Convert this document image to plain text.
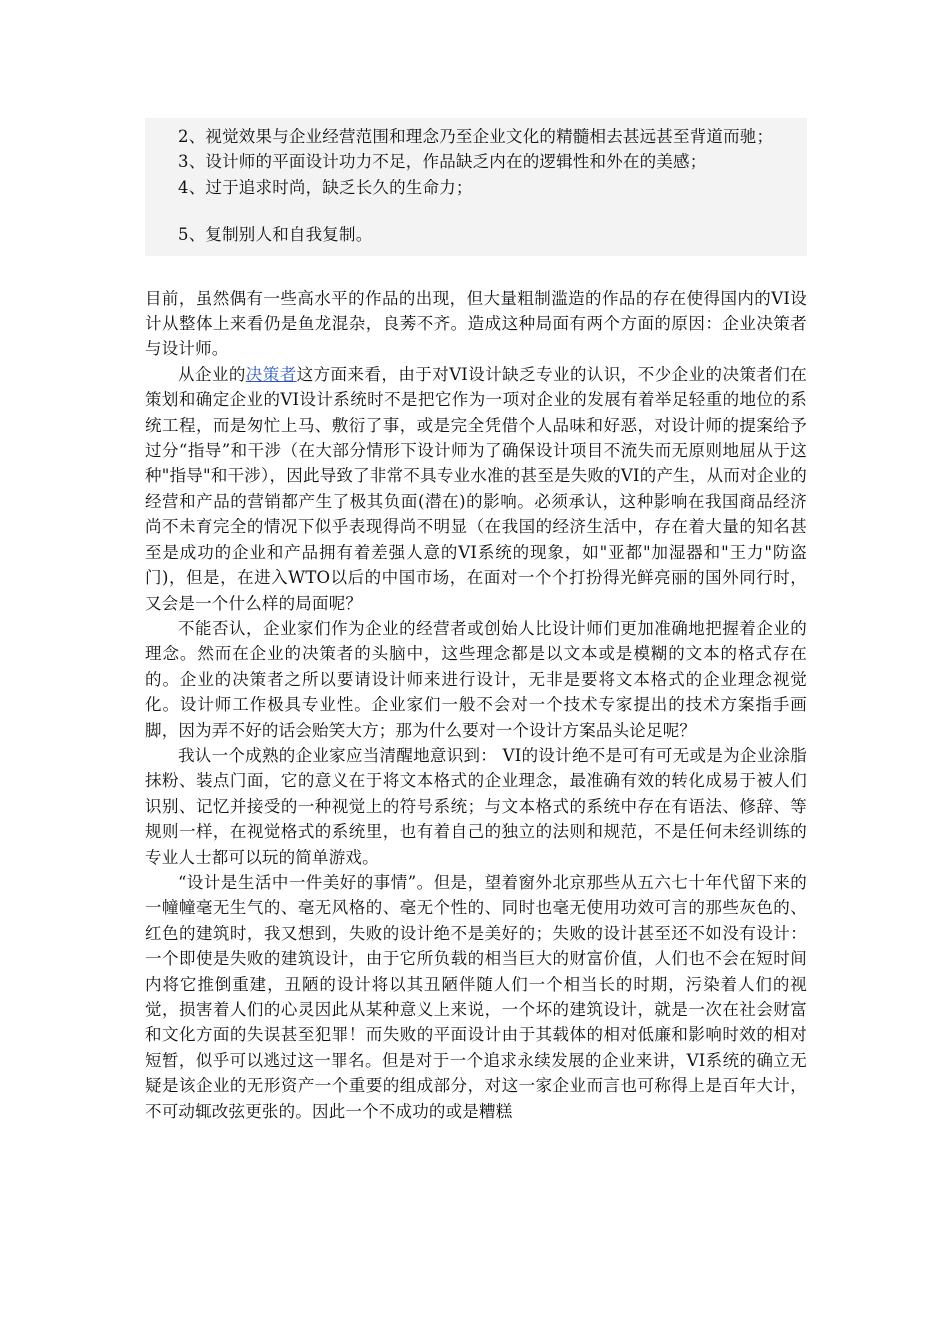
2、视觉效果与企业经营范围和理念乃至企业文化的精髓相去甚远甚至背道而驰；

3、设计师的平面设计功力不足，作品缺乏内在的逻辑性和外在的美感；

4、过于追求时尚，缺乏长久的生命力；

5、复制别人和自我复制。

目前，虽然偶有一些高水平的作品的出现，但大量粗制滥造的作品的存在使得国内的VI设计从整体上来看仍是鱼龙混杂，良莠不齐。造成这种局面有两个方面的原因：企业决策者与设计师。

从企业的决策者这方面来看，由于对VI设计缺乏专业的认识，不少企业的决策者们在策划和确定企业的VI设计系统时不是把它作为一项对企业的发展有着举足轻重的地位的系统工程，而是匆忙上马、敷衍了事，或是完全凭借个人品味和好恶，对设计师的提案给予过分“指导”和干涉（在大部分情形下设计师为了确保设计项目不流失而无原则地屈从于这种"指导"和干涉），因此导致了非常不具专业水准的甚至是失败的VI的产生，从而对企业的经营和产品的营销都产生了极其负面(潜在)的影响。必须承认，这种影响在我国商品经济尚不未育完全的情况下似乎表现得尚不明显（在我国的经济生活中，存在着大量的知名甚至是成功的企业和产品拥有着差强人意的VI系统的现象，如"亚都"加湿器和"王力"防盗门)，但是，在进入WTO以后的中国市场，在面对一个个打扮得光鲜亮丽的国外同行时，又会是一个什么样的局面呢？

不能否认，企业家们作为企业的经营者或创始人比设计师们更加准确地把握着企业的理念。然而在企业的决策者的头脑中，这些理念都是以文本或是模糊的文本的格式存在的。企业的决策者之所以要请设计师来进行设计，无非是要将文本格式的企业理念视觉化。设计师工作极具专业性。企业家们一般不会对一个技术专家提出的技术方案指手画脚，因为弄不好的话会贻笑大方；那为什么要对一个设计方案品头论足呢？

我认一个成熟的企业家应当清醒地意识到： VI的设计绝不是可有可无或是为企业涂脂抹粉、装点门面，它的意义在于将文本格式的企业理念，最准确有效的转化成易于被人们识别、记忆并接受的一种视觉上的符号系统；与文本格式的系统中存在有语法、修辞、等规则一样，在视觉格式的系统里，也有着自己的独立的法则和规范，不是任何未经训练的专业人士都可以玩的简单游戏。

“设计是生活中一件美好的事情”。但是，望着窗外北京那些从五六七十年代留下来的一幢幢毫无生气的、毫无风格的、毫无个性的、同时也毫无使用功效可言的那些灰色的、红色的建筑时，我又想到，失败的设计绝不是美好的；失败的设计甚至还不如没有设计：一个即使是失败的建筑设计，由于它所负载的相当巨大的财富价值，人们也不会在短时间内将它推倒重建，丑陋的设计将以其丑陋伴随人们一个相当长的时期，污染着人们的视觉，损害着人们的心灵因此从某种意义上来说，一个坏的建筑设计，就是一次在社会财富和文化方面的失误甚至犯罪！而失败的平面设计由于其载体的相对低廉和影响时效的相对短暂，似乎可以逃过这一罪名。但是对于一个追求永续发展的企业来讲，VI系统的确立无疑是该企业的无形资产一个重要的组成部分，对这一家企业而言也可称得上是百年大计，不可动辄改弦更张的。因此一个不成功的或是糟糕
